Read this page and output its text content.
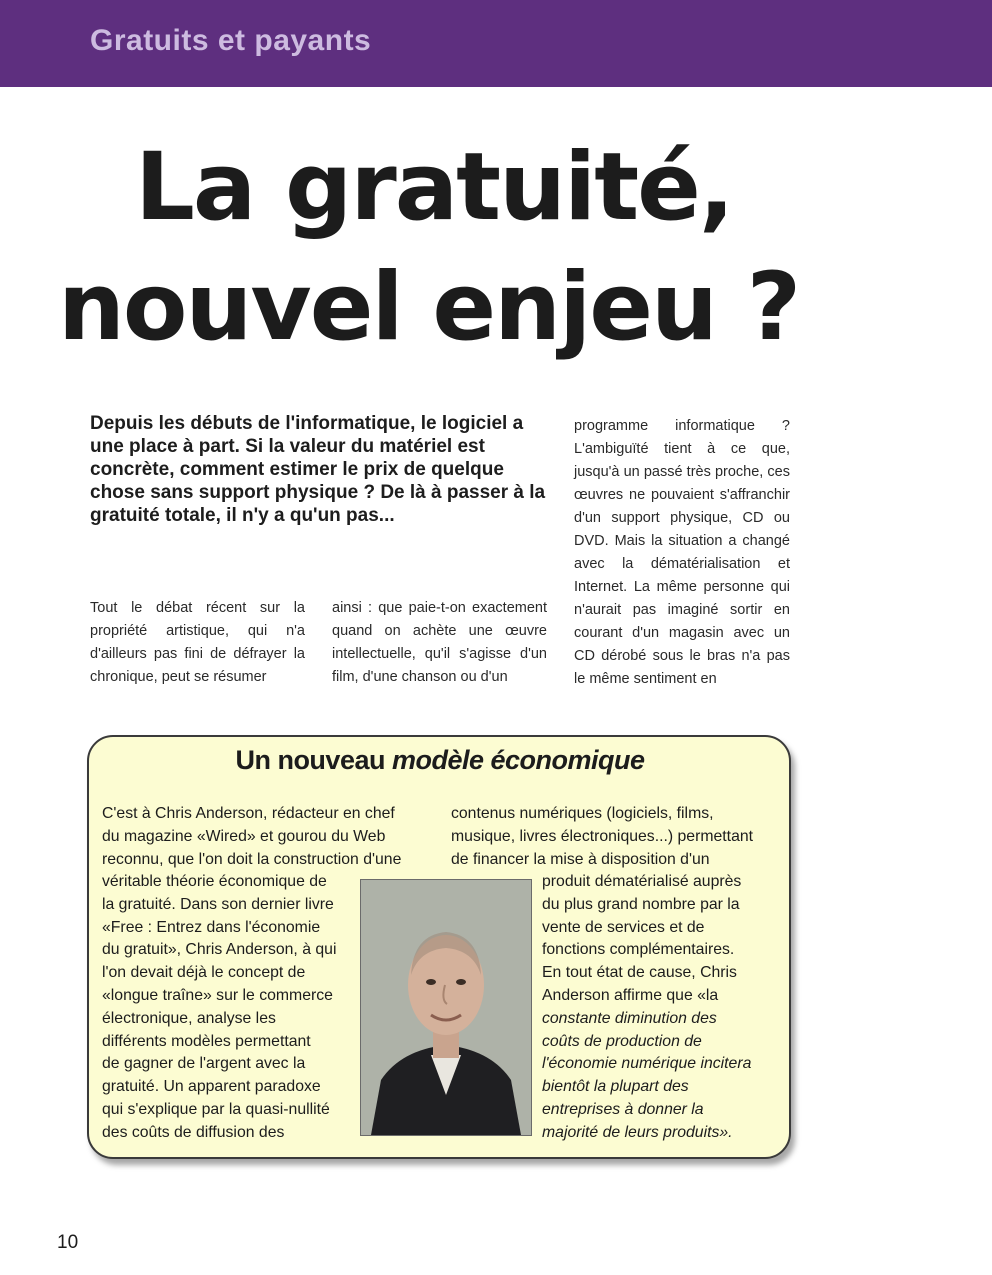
Gratuits et payants
La gratuité,
nouvel enjeu ?

Depuis les débuts de l'informatique, le logiciel a une place à part. Si la valeur du matériel est concrète, comment estimer le prix de quelque chose sans support physique ? De là à passer à la gratuité totale, il n'y a qu'un pas...

Tout le débat récent sur la propriété artistique, qui n'a d'ailleurs pas fini de défrayer la chronique, peut se résumer

ainsi : que paie-t-on exactement quand on achète une œuvre intellectuelle, qu'il s'agisse d'un film, d'une chanson ou d'un

programme informatique ? L'ambiguïté tient à ce que, jusqu'à un passé très proche, ces œuvres ne pouvaient s'affranchir d'un support physique, CD ou DVD. Mais la situation a changé avec la dématérialisation et Internet. La même personne qui n'aurait pas imaginé sortir en courant d'un magasin avec un CD dérobé sous le bras n'a pas le même sentiment en

Un nouveau modèle économique

C'est à Chris Anderson, rédacteur en chef
du magazine «Wired» et gourou du Web
reconnu, que l'on doit la construction d'une

contenus numériques (logiciels, films,
musique, livres électroniques...) permettant
de financer la mise à disposition d'un

véritable théorie économique de
la gratuité. Dans son dernier livre
«Free : Entrez dans l'économie
du gratuit», Chris Anderson, à qui
l'on devait déjà le concept de
«longue traîne» sur le commerce
électronique, analyse les
différents modèles permettant
de gagner de l'argent avec la
gratuité. Un apparent paradoxe
qui s'explique par la quasi-nullité
des coûts de diffusion des

produit dématérialisé auprès
du plus grand nombre par la
vente de services et de
fonctions complémentaires.
En tout état de cause, Chris
Anderson affirme que «la
constante diminution des
coûts de production de
l'économie numérique incitera
bientôt la plupart des
entreprises à donner la
majorité de leurs produits».

10
